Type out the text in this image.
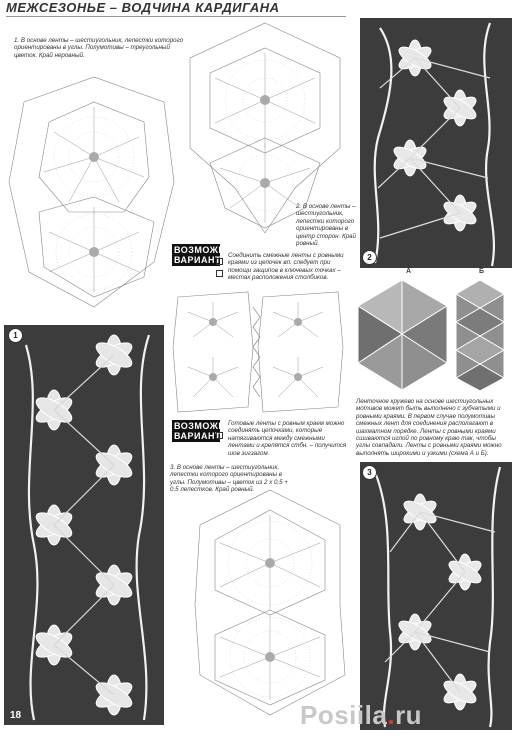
МЕЖСЕЗОНЬЕ – ВОДЧИНА КАРДИГАНА
1. В основе ленты – шестиугольник, лепестки которого ориентированы в углы. Полумотивы – треугольный цветок. Край неровный.
2. В основе ленты – шестиугольник, лепестки которого ориентированы в центр сторон. Край ровный.
ВОЗМОЖНЫ ВАРИАНТЫ
Соединить смежные ленты с ровными краями из цепочек вп. следует при помощи защипов в ключевых точках – местах расположения столбиков.
ВОЗМОЖНЫ ВАРИАНТЫ
Готовые ленты с ровным краем можно соединять цепочками, которые натягиваются между смежными лентами и крепятся стбн. – получится шов зигзагом.
3. В основе ленты – шестиугольник, лепестки которого ориентированы в углы. Полумотивы – цветок из 2 x 0,5 + 0,5 лепестков. Край ровный.
2
А	Б
Ленточное кружево на основе шестиугольных мотивов может быть выполнено с зубчатыми и ровными краями. В первом случае полумотивы смежных лент для соединения располагают в шахматном порядке. Ленты с ровными краями сшиваются иглой по ровному краю так, чтобы углы совпадали. Ленты с ровными краями можно выполнять широкими и узкими (схема А и Б).
3
1
18	Posiila.ru
